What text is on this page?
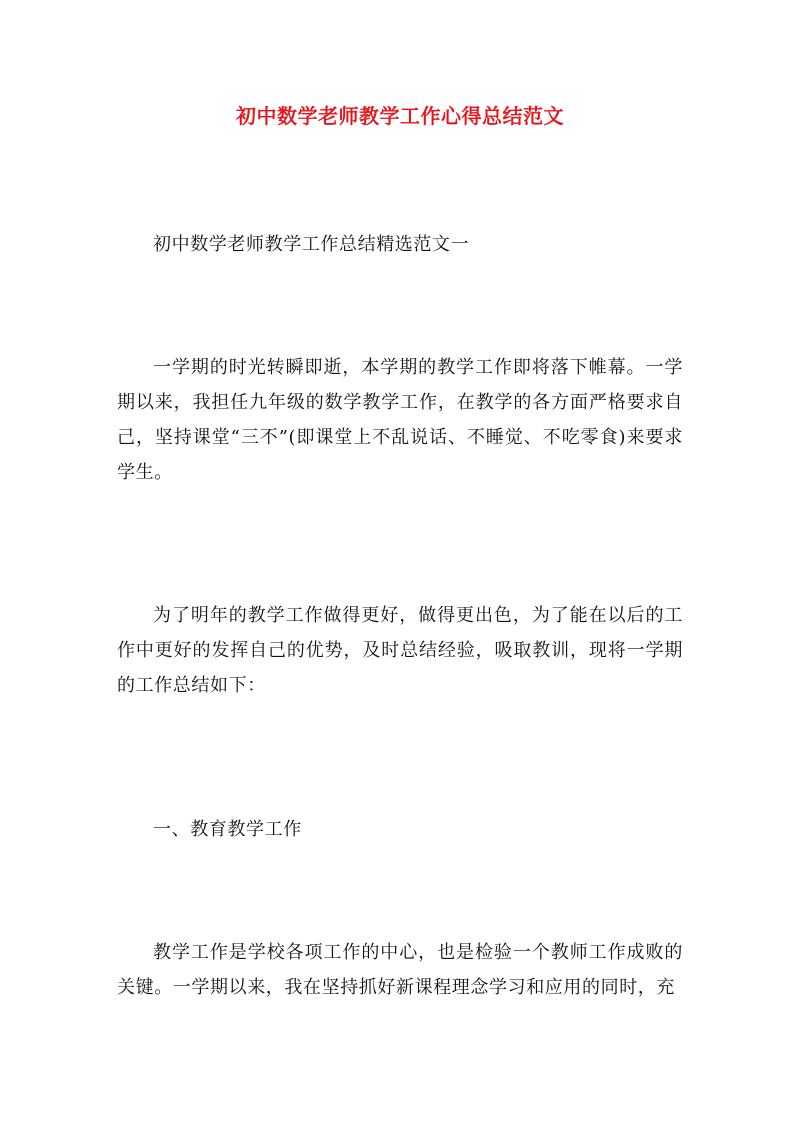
初中数学老师教学工作心得总结范文

初中数学老师教学工作总结精选范文一

一学期的时光转瞬即逝，本学期的教学工作即将落下帷幕。一学期以来，我担任九年级的数学教学工作，在教学的各方面严格要求自己，坚持课堂“三不”(即课堂上不乱说话、不睡觉、不吃零食)来要求学生。

为了明年的教学工作做得更好，做得更出色，为了能在以后的工作中更好的发挥自己的优势，及时总结经验，吸取教训，现将一学期的工作总结如下：

一、教育教学工作

教学工作是学校各项工作的中心，也是检验一个教师工作成败的关键。一学期以来，我在坚持抓好新课程理念学习和应用的同时，充
